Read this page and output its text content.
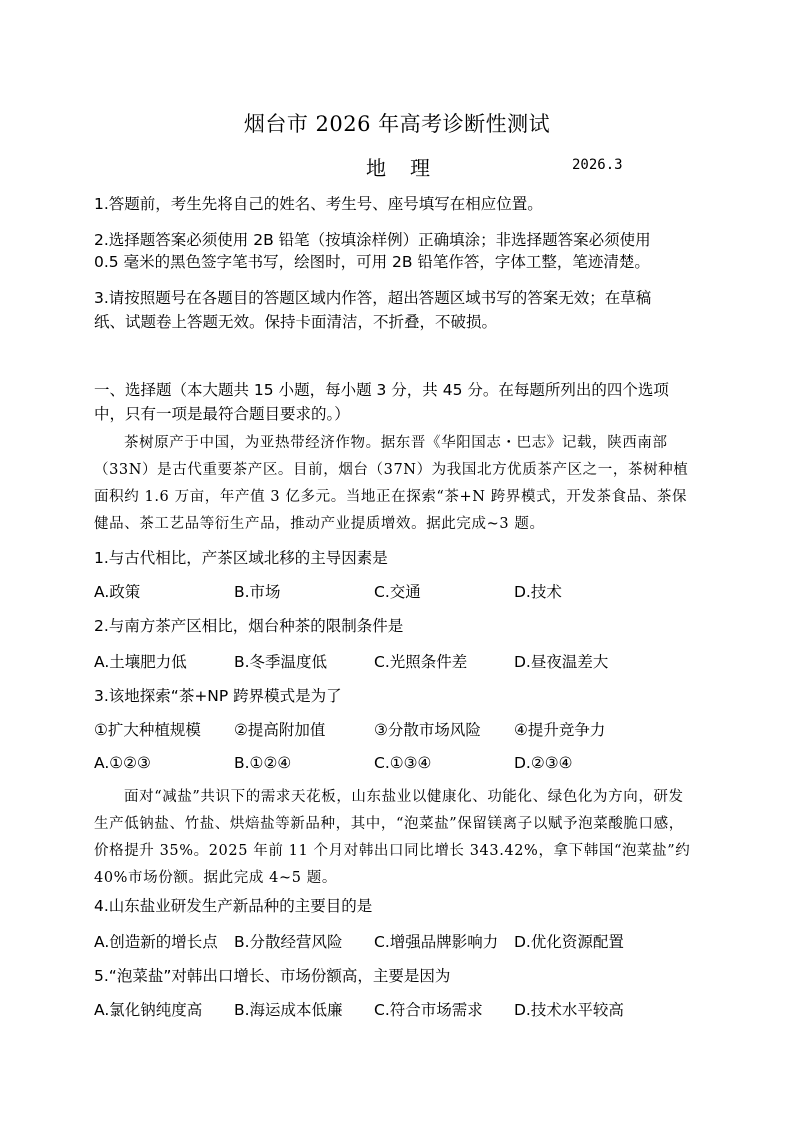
烟台市 2026 年高考诊断性测试
地理	2026.3
1.答题前，考生先将自己的姓名、考生号、座号填写在相应位置。
2.选择题答案必须使用 2B 铅笔（按填涂样例）正确填涂；非选择题答案必须使用
0.5 毫米的黑色签字笔书写，绘图时，可用 2B 铅笔作答，字体工整，笔迹清楚。
3.请按照题号在各题目的答题区域内作答，超出答题区域书写的答案无效；在草稿
纸、试题卷上答题无效。保持卡面清洁，不折叠，不破损。
一、选择题（本大题共 15 小题，每小题 3 分，共 45 分。在每题所列出的四个选项
中，只有一项是最符合题目要求的。）
茶树原产于中国，为亚热带经济作物。据东晋《华阳国志・巴志》记载，陕西南部（33N）是古代重要茶产区。目前，烟台（37N）为我国北方优质茶产区之一，茶树种植面积约 1.6 万亩，年产值 3 亿多元。当地正在探索“茶+N 跨界模式，开发茶食品、茶保健品、茶工艺品等衍生产品，推动产业提质增效。据此完成~3 题。
1.与古代相比，产茶区域北移的主导因素是
A.政策	B.市场	C.交通	D.技术
2.与南方茶产区相比，烟台种茶的限制条件是
A.土壤肥力低	B.冬季温度低	C.光照条件差	D.昼夜温差大
3.该地探索“茶+NP 跨界模式是为了
①扩大种植规模 ②提高附加值	③分散市场风险 ④提升竞争力
A.①②③	B.①②④	C.①③④	D.②③④
面对“减盐”共识下的需求天花板，山东盐业以健康化、功能化、绿色化为方向，研发生产低钠盐、竹盐、烘焙盐等新品种，其中，“泡菜盐”保留镁离子以赋予泡菜酸脆口感，价格提升 35%。2025 年前 11 个月对韩出口同比增长 343.42%，拿下韩国“泡菜盐”约 40%市场份额。据此完成 4~5 题。
4.山东盐业研发生产新品种的主要目的是
A.创造新的增长点 B.分散经营风险 C.增强品牌影响力 D.优化资源配置
5.“泡菜盐”对韩出口增长、市场份额高，主要是因为
A.氯化钠纯度高 B.海运成本低廉 C.符合市场需求 D.技术水平较高
